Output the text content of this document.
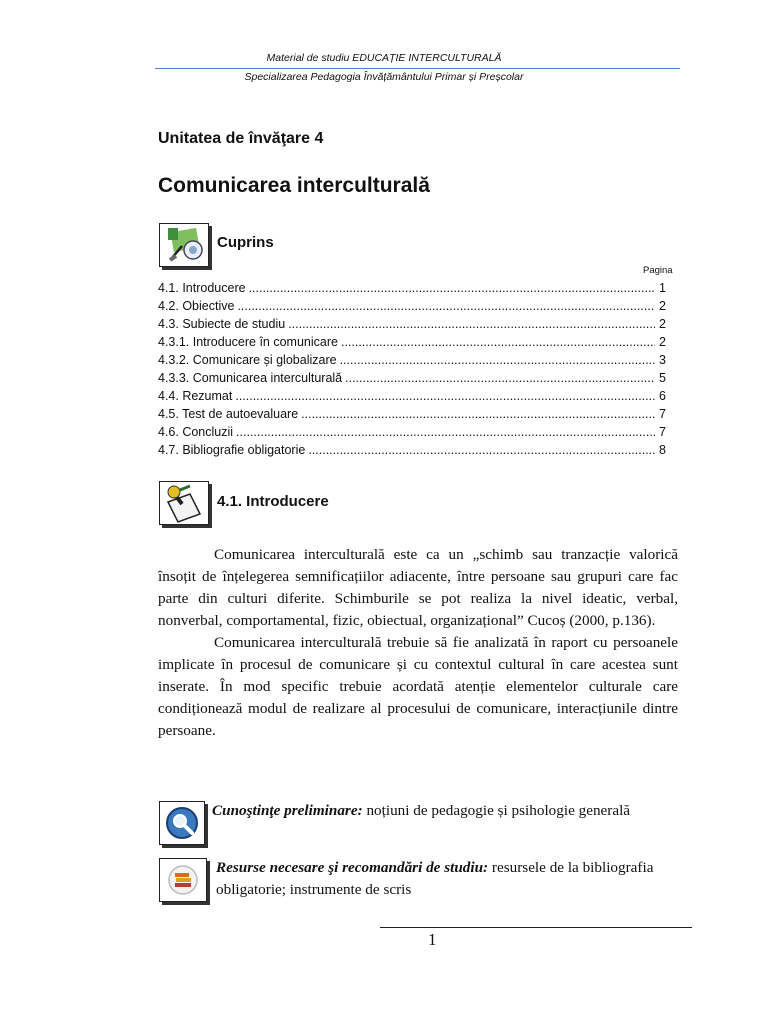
Material de studiu EDUCAȚIE INTERCULTURALĂ
Specializarea Pedagogia Învățământului Primar și Preșcolar
Unitatea de învăţare 4
Comunicarea interculturală
Cuprins
Pagina
4.1. Introducere .....	1
4.2. Obiective .....	2
4.3. Subiecte de studiu .....	2
4.3.1. Introducere în comunicare .....	2
4.3.2. Comunicare și globalizare .....	3
4.3.3. Comunicarea interculturală .....	5
4.4. Rezumat .....	6
4.5. Test de autoevaluare .....	7
4.6. Concluzii .....	7
4.7. Bibliografie obligatorie .....	8
4.1. Introducere

Comunicarea interculturală este ca un „schimb sau tranzacție valorică însoțit de înțelegerea semnificațiilor adiacente, între persoane sau grupuri care fac parte din culturi diferite. Schimburile se pot realiza la nivel ideatic, verbal, nonverbal, comportamental, fizic, obiectual, organizațional” Cucoș (2000, p.136).

Comunicarea interculturală trebuie să fie analizată în raport cu persoanele implicate în procesul de comunicare și cu contextul cultural în care acestea sunt inserate. În mod specific trebuie acordată atenție elementelor culturale care condiționează modul de realizare al procesului de comunicare, interacțiunile dintre persoane.

Cunoştinţe preliminare: noțiuni de pedagogie și psihologie generală
Resurse necesare şi recomandări de studiu: resursele de la bibliografia obligatorie; instrumente de scris
1
